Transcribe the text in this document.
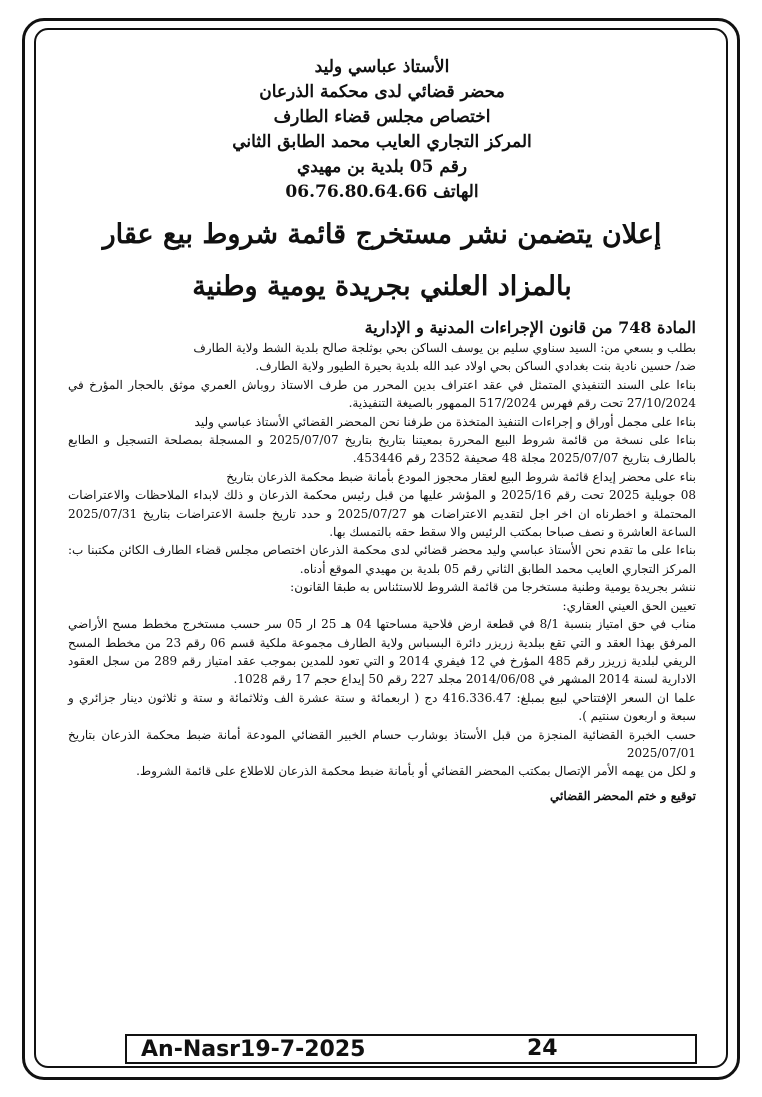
الأستاذ عباسي وليد
محضر قضائي لدى محكمة الذرعان
اختصاص مجلس قضاء الطارف
المركز التجاري العايب محمد الطابق الثاني
رقم 05 بلدية بن مهيدي
الهاتف 06.76.80.64.66
إعلان يتضمن نشر مستخرج قائمة شروط بيع عقار
بالمزاد العلني بجريدة يومية وطنية
المادة 748 من قانون الإجراءات المدنية و الإدارية

بطلب و بسعي من: السيد سناوي سليم بن يوسف الساكن بحي بوثلجة صالح بلدية الشط ولاية الطارف

ضد/ حسين نادية بنت بغدادي الساكن بحي اولاد عبد الله بلدية بحيرة الطيور ولاية الطارف.

بناءا على السند التنفيذي المتمثل في عقد اعتراف بدين المحرر من طرف الاستاذ روباش العمري موثق بالحجار المؤرخ في 27/10/2024 تحت رقم فهرس 517/2024 الممهور بالصيغة التنفيذية.

بناءا على مجمل أوراق و إجراءات التنفيذ المتخذة من طرفنا نحن المحضر القضائي الأستاذ عباسي وليد

بناءا على نسخة من قائمة شروط البيع المحررة بمعيتنا بتاريخ بتاريخ 2025/07/07 و المسجلة بمصلحة التسجيل و الطابع بالطارف بتاريخ 2025/07/07 مجلة 48 صحيفة 2352 رقم 453446.

بناء على محضر إيداع قائمة شروط البيع لعقار محجوز المودع بأمانة ضبط محكمة الذرعان بتاريخ

08 جويلية 2025 تحت رقم 2025/16 و المؤشر عليها من قبل رئيس محكمة الذرعان و ذلك لابداء الملاحظات والاعتراضات المحتملة و اخطرناه ان اخر اجل لتقديم الاعتراضات هو 2025/07/27 و حدد تاريخ جلسة الاعتراضات بتاريخ 2025/07/31 الساعة العاشرة و نصف صباحا بمكتب الرئيس والا سقط حقه بالتمسك بها.

بناءا على ما تقدم نحن الأستاذ عباسي وليد محضر قضائي لدى محكمة الذرعان اختصاص مجلس قضاء الطارف الكائن مكتبنا ب: المركز التجاري العايب محمد الطابق الثاني رقم 05 بلدية بن مهيدي الموقع أدناه.

ننشر بجريدة يومية وطنية مستخرجا من قائمة الشروط للاستئناس به طبقا القانون:

تعيين الحق العيني العقاري:

مناب في حق امتياز بنسبة 8/1 في قطعة ارض فلاحية مساحتها 04 هـ 25 ار 05 سر حسب مستخرج مخطط مسح الأراضي المرفق بهذا العقد و التي تقع ببلدية زريزر دائرة البسباس ولاية الطارف مجموعة ملكية قسم 06 رقم 23 من مخطط المسح الريفي لبلدية زريزر رقم 485 المؤرخ في 12 فيفري 2014 و التي تعود للمدين بموجب عقد امتياز رقم 289 من سجل العقود الادارية لسنة 2014 المشهر في 2014/06/08 مجلد 227 رقم 50 إيداع حجم 17 رقم 1028.

علما ان السعر الإفتتاحي لبيع بمبلغ: 416.336.47 دج ( اربعمائة و ستة عشرة الف وثلاثمائة و ستة و ثلاثون دينار جزائري و سبعة و اربعون سنتيم ).

حسب الخبرة القضائية المنجزة من قبل الأستاذ بوشارب حسام الخبير القضائي المودعة أمانة ضبط محكمة الذرعان بتاريخ 2025/07/01

و لكل من يهمه الأمر الإتصال بمكتب المحضر القضائي أو بأمانة ضبط محكمة الذرعان للاطلاع على قائمة الشروط.

توقيع و ختم المحضر القضائي
An-Nasr19-7-2025	24
